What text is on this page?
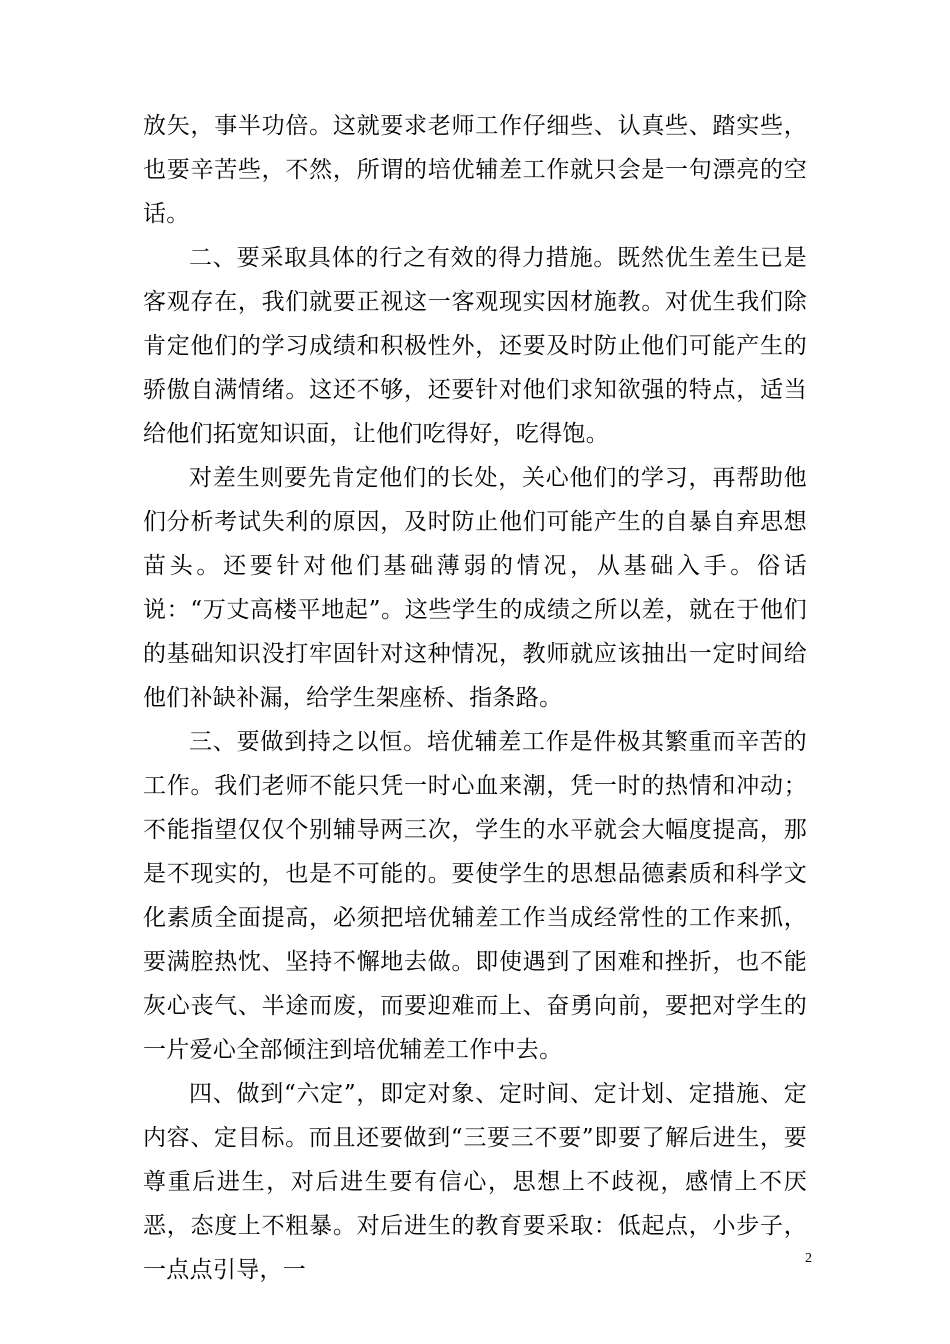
放矢，事半功倍。这就要求老师工作仔细些、认真些、踏实些，也要辛苦些，不然，所谓的培优辅差工作就只会是一句漂亮的空话。

二、要采取具体的行之有效的得力措施。既然优生差生已是客观存在，我们就要正视这一客观现实因材施教。对优生我们除肯定他们的学习成绩和积极性外，还要及时防止他们可能产生的骄傲自满情绪。这还不够，还要针对他们求知欲强的特点，适当给他们拓宽知识面，让他们吃得好，吃得饱。

对差生则要先肯定他们的长处，关心他们的学习，再帮助他们分析考试失利的原因，及时防止他们可能产生的自暴自弃思想苗头。还要针对他们基础薄弱的情况，从基础入手。俗话说：“万丈高楼平地起”。这些学生的成绩之所以差，就在于他们的基础知识没打牢固针对这种情况，教师就应该抽出一定时间给他们补缺补漏，给学生架座桥、指条路。

三、要做到持之以恒。培优辅差工作是件极其繁重而辛苦的工作。我们老师不能只凭一时心血来潮，凭一时的热情和冲动；不能指望仅仅个别辅导两三次，学生的水平就会大幅度提高，那是不现实的，也是不可能的。要使学生的思想品德素质和科学文化素质全面提高，必须把培优辅差工作当成经常性的工作来抓，要满腔热忱、坚持不懈地去做。即使遇到了困难和挫折，也不能灰心丧气、半途而废，而要迎难而上、奋勇向前，要把对学生的一片爱心全部倾注到培优辅差工作中去。

四、做到“六定”，即定对象、定时间、定计划、定措施、定内容、定目标。而且还要做到“三要三不要”即要了解后进生，要尊重后进生，对后进生要有信心，思想上不歧视，感情上不厌恶，态度上不粗暴。对后进生的教育要采取：低起点，小步子，一点点引导，一	2
